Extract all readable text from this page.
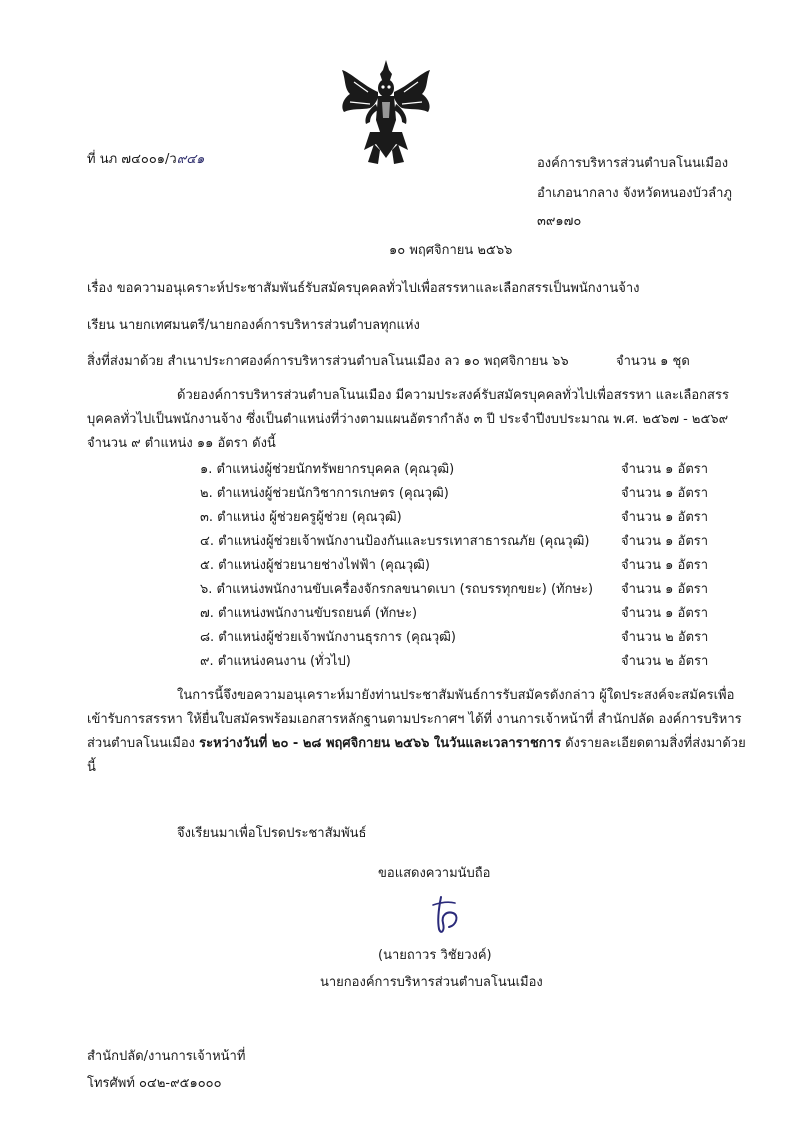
ที่ นภ ๗๔๐๐๑/ว๙๔๑	องค์การบริหารส่วนตำบลโนนเมือง
อำเภอนากลาง จังหวัดหนองบัวลำภู
๓๙๑๗๐
๑๐ พฤศจิกายน ๒๕๖๖
เรื่อง ขอความอนุเคราะห์ประชาสัมพันธ์รับสมัครบุคคลทั่วไปเพื่อสรรหาและเลือกสรรเป็นพนักงานจ้าง
เรียน นายกเทศมนตรี/นายกองค์การบริหารส่วนตำบลทุกแห่ง
สิ่งที่ส่งมาด้วย สำเนาประกาศองค์การบริหารส่วนตำบลโนนเมือง ลว ๑๐ พฤศจิกายน ๖๖	จำนวน ๑ ชุด
ด้วยองค์การบริหารส่วนตำบลโนนเมือง มีความประสงค์รับสมัครบุคคลทั่วไปเพื่อสรรหา และเลือกสรรบุคคลทั่วไปเป็นพนักงานจ้าง ซึ่งเป็นตำแหน่งที่ว่างตามแผนอัตรากำลัง ๓ ปี ประจำปีงบประมาณ พ.ศ. ๒๕๖๗ - ๒๕๖๙ จำนวน ๙ ตำแหน่ง ๑๑ อัตรา ดังนี้
๑. ตำแหน่งผู้ช่วยนักทรัพยากรบุคคล (คุณวุฒิ)	จำนวน ๑ อัตรา
๒. ตำแหน่งผู้ช่วยนักวิชาการเกษตร (คุณวุฒิ)	จำนวน ๑ อัตรา
๓. ตำแหน่ง ผู้ช่วยครูผู้ช่วย (คุณวุฒิ)	จำนวน ๑ อัตรา
๔. ตำแหน่งผู้ช่วยเจ้าพนักงานป้องกันและบรรเทาสาธารณภัย (คุณวุฒิ) จำนวน ๑ อัตรา
๕. ตำแหน่งผู้ช่วยนายช่างไฟฟ้า (คุณวุฒิ)	จำนวน ๑ อัตรา
๖. ตำแหน่งพนักงานขับเครื่องจักรกลขนาดเบา (รถบรรทุกขยะ) (ทักษะ) จำนวน ๑ อัตรา
๗. ตำแหน่งพนักงานขับรถยนต์ (ทักษะ)	จำนวน ๑ อัตรา
๘. ตำแหน่งผู้ช่วยเจ้าพนักงานธุรการ (คุณวุฒิ)	จำนวน ๒ อัตรา
๙. ตำแหน่งคนงาน (ทั่วไป)	จำนวน ๒ อัตรา
ในการนี้จึงขอความอนุเคราะห์มายังท่านประชาสัมพันธ์การรับสมัครดังกล่าว ผู้ใดประสงค์จะสมัครเพื่อเข้ารับการสรรหา ให้ยื่นใบสมัครพร้อมเอกสารหลักฐานตามประกาศฯ ได้ที่ งานการเจ้าหน้าที่ สำนักปลัด องค์การบริหารส่วนตำบลโนนเมือง ระหว่างวันที่ ๒๐ - ๒๘ พฤศจิกายน ๒๕๖๖ ในวันและเวลาราชการ ดังรายละเอียดตามสิ่งที่ส่งมาด้วยนี้
จึงเรียนมาเพื่อโปรดประชาสัมพันธ์
ขอแสดงความนับถือ
(นายถาวร วิชัยวงค์)
นายกองค์การบริหารส่วนตำบลโนนเมือง
สำนักปลัด/งานการเจ้าหน้าที่
โทรศัพท์ ๐๔๒-๙๕๑๐๐๐
